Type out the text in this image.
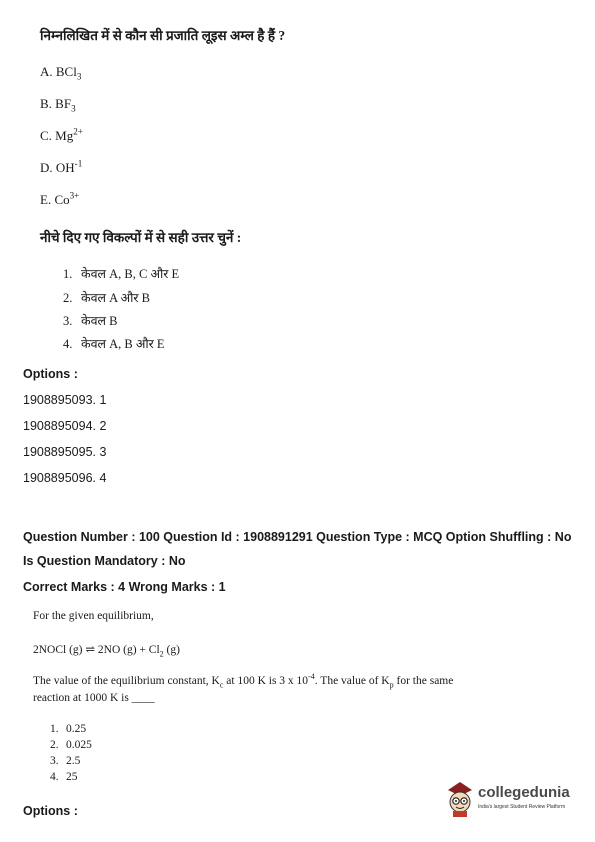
निम्नलिखित में से कौन सी प्रजाति लूइस अम्ल है हैं ?
A. BCl$_3$
B. $BF_3$
C. $Mg^{2+}$
D. $OH^{-1}$
E. $Co^{3+}$
नीचे दिए गए विकल्पों में से सही उत्तर चुनें :
1. केवल A, B, C और E
2. केवल A और B
3. केवल B
4. केवल A, B और E
Options :
1908895093. 1
1908895094. 2
1908895095. 3
1908895096. 4
Question Number : 100 Question Id : 1908891291 Question Type : MCQ Option Shuffling : No
Is Question Mandatory : No
Correct Marks : 4 Wrong Marks : 1
For the given equilibrium,
2NOCl (g) ⇌ 2NO $(g) + Cl_2$ (g)
The value of the equilibrium constant, $K_c$ at 100 K is 3 x $10^{-4}$. The value of $K_p$ for the same
reaction at 1000 K is ____
1. 0.25
2. 0.025
3. 2.5
4. 25
Options :
collegedunia
India's largest Student Review Platform
